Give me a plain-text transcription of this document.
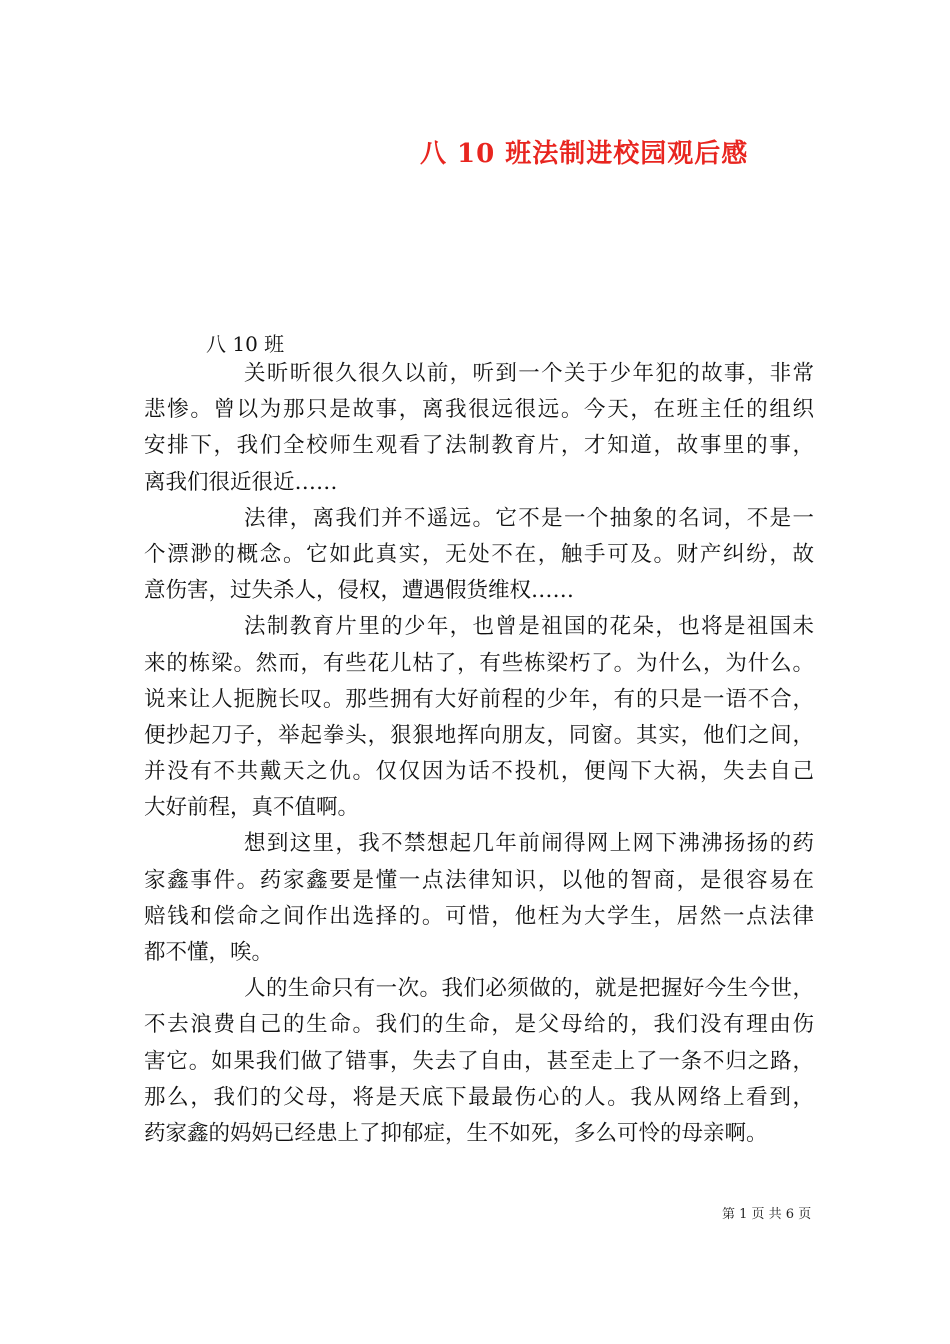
八 10 班法制进校园观后感
八 10 班
关昕昕很久很久以前，听到一个关于少年犯的故事，非常
悲惨。曾以为那只是故事，离我很远很远。今天，在班主任的组织
安排下，我们全校师生观看了法制教育片，才知道，故事里的事，
离我们很近很近……
法律，离我们并不遥远。它不是一个抽象的名词，不是一
个漂渺的概念。它如此真实，无处不在，触手可及。财产纠纷，故
意伤害，过失杀人，侵权，遭遇假货维权……
法制教育片里的少年，也曾是祖国的花朵，也将是祖国未
来的栋梁。然而，有些花儿枯了，有些栋梁朽了。为什么，为什么。
说来让人扼腕长叹。那些拥有大好前程的少年，有的只是一语不合，
便抄起刀子，举起拳头，狠狠地挥向朋友，同窗。其实，他们之间，
并没有不共戴天之仇。仅仅因为话不投机，便闯下大祸，失去自己
大好前程，真不值啊。
想到这里，我不禁想起几年前闹得网上网下沸沸扬扬的药
家鑫事件。药家鑫要是懂一点法律知识，以他的智商，是很容易在
赔钱和偿命之间作出选择的。可惜，他枉为大学生，居然一点法律
都不懂，唉。
人的生命只有一次。我们必须做的，就是把握好今生今世，
不去浪费自己的生命。我们的生命，是父母给的，我们没有理由伤
害它。如果我们做了错事，失去了自由，甚至走上了一条不归之路，
那么，我们的父母，将是天底下最最伤心的人。我从网络上看到，
药家鑫的妈妈已经患上了抑郁症，生不如死，多么可怜的母亲啊。
第 1 页 共 6 页
